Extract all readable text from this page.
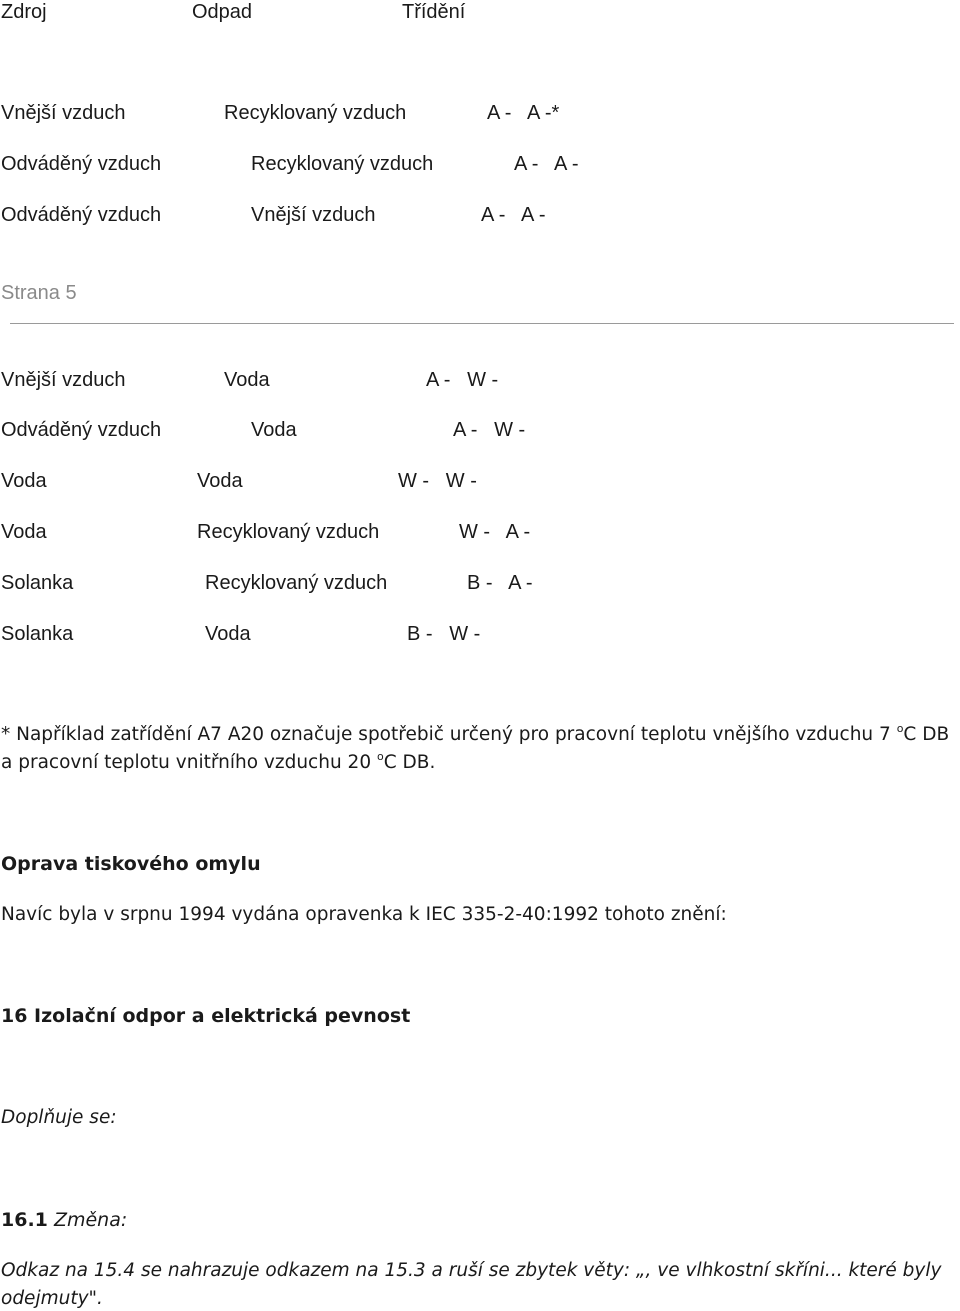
Zdroj	Odpad	Třídění
Vnější vzduch	Recyklovaný vzduch	A -   A -*
Odváděný vzduch	Recyklovaný vzduch	A -   A -
Odváděný vzduch	Vnější vzduch	A -   A -
Strana 5
Vnější vzduch	Voda	A -   W -
Odváděný vzduch	Voda	A -   W -
Voda	Voda	W -   W -
Voda	Recyklovaný vzduch	W -   A -
Solanka	Recyklovaný vzduch	B -   A -
Solanka	Voda	B -   W -
* Například zatřídění A7 A20 označuje spotřebič určený pro pracovní teplotu vnějšího vzduchu 7 $^o$C DB
a pracovní teplotu vnitřního vzduchu 20 $^o$C DB.
Oprava tiskového omylu
Navíc byla v srpnu 1994 vydána opravenka k IEC 335-2-40:1992 tohoto znění:
16 Izolační odpor a elektrická pevnost
Doplňuje se:
16.1 Změna:
Odkaz na 15.4 se nahrazuje odkazem na 15.3 a ruší se zbytek věty: „, ve vlhkostní skříni... které byly
odejmuty".
